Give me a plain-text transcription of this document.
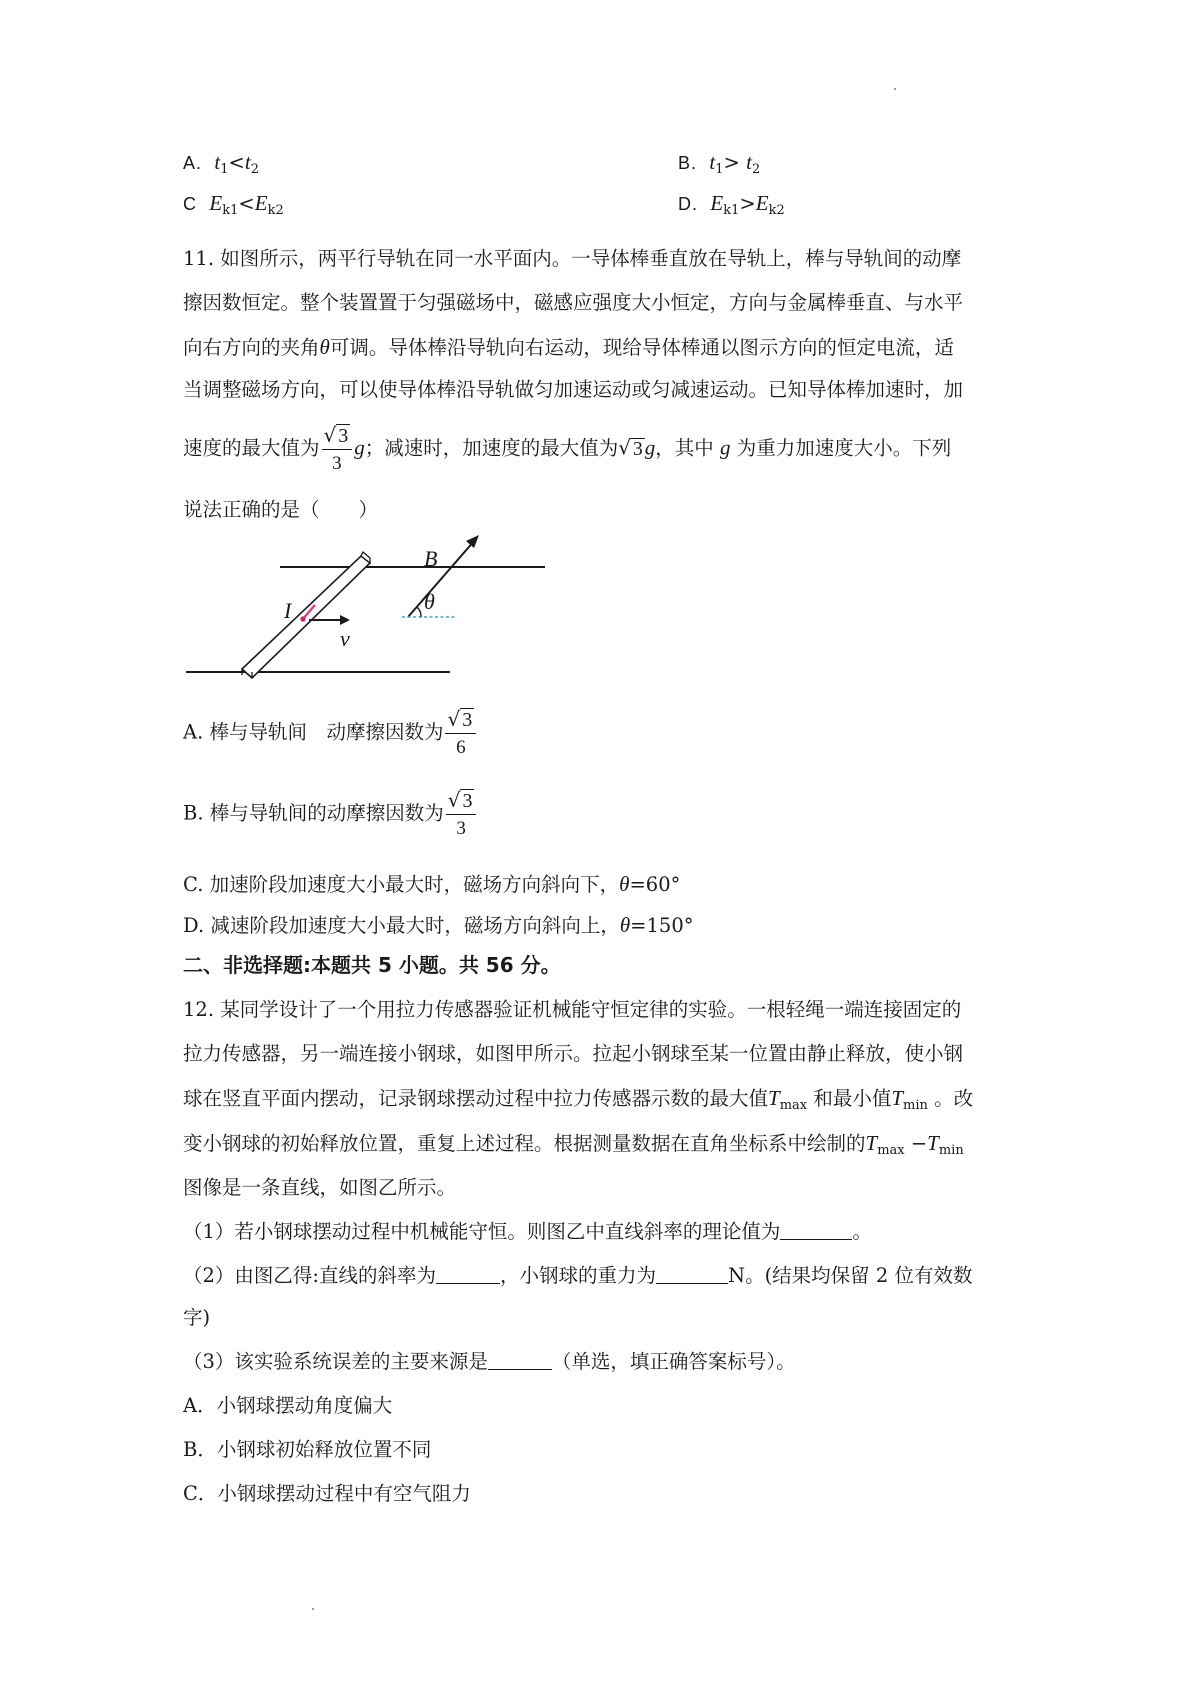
A. $t_1<t_2$	B. $t_1> t_2$
C $E_{k1}<E_{k2}$	D. $E_{k1}>E_{k2}$
11. 如图所示，两平行导轨在同一水平面内。一导体棒垂直放在导轨上，棒与导轨间的动摩
擦因数恒定。整个装置置于匀强磁场中，磁感应强度大小恒定，方向与金属棒垂直、与水平
向右方向的夹角θ可调。导体棒沿导轨向右运动，现给导体棒通以图示方向的恒定电流，适
当调整磁场方向，可以使导体棒沿导轨做匀加速运动或匀减速运动。已知导体棒加速时，加
速度的最大值为 $\frac{√ 3}{3}$ g；减速时，加速度的最大值为√ 3g，其中 g 为重力加速度大小。下列
说法正确的是（　　）
B
θ
I
v
A. 棒与导轨间　动摩擦因数为 $\frac{√ 3}{6}$
B. 棒与导轨间的动摩擦因数为 $\frac{√ 3}{3}$
C. 加速阶段加速度大小最大时，磁场方向斜向下，θ=60°
D. 减速阶段加速度大小最大时，磁场方向斜向上，θ=150°
二、非选择题:本题共 5 小题。共 56 分。
12. 某同学设计了一个用拉力传感器验证机械能守恒定律的实验。一根轻绳一端连接固定的
拉力传感器，另一端连接小钢球，如图甲所示。拉起小钢球至某一位置由静止释放，使小钢
球在竖直平面内摆动，记录钢球摆动过程中拉力传感器示数的最大值$T_{max}$ 和最小值$T_{min}$ 。改
变小钢球的初始释放位置，重复上述过程。根据测量数据在直角坐标系中绘制的$T_{max} -T_{min}$
图像是一条直线，如图乙所示。
（1）若小钢球摆动过程中机械能守恒。则图乙中直线斜率的理论值为	。
（2）由图乙得:直线的斜率为	，小钢球的重力为	N。(结果均保留 2 位有效数
字)
（3）该实验系统误差的主要来源是	（单选，填正确答案标号）。
A．小钢球摆动角度偏大
B．小钢球初始释放位置不同
C．小钢球摆动过程中有空气阻力
